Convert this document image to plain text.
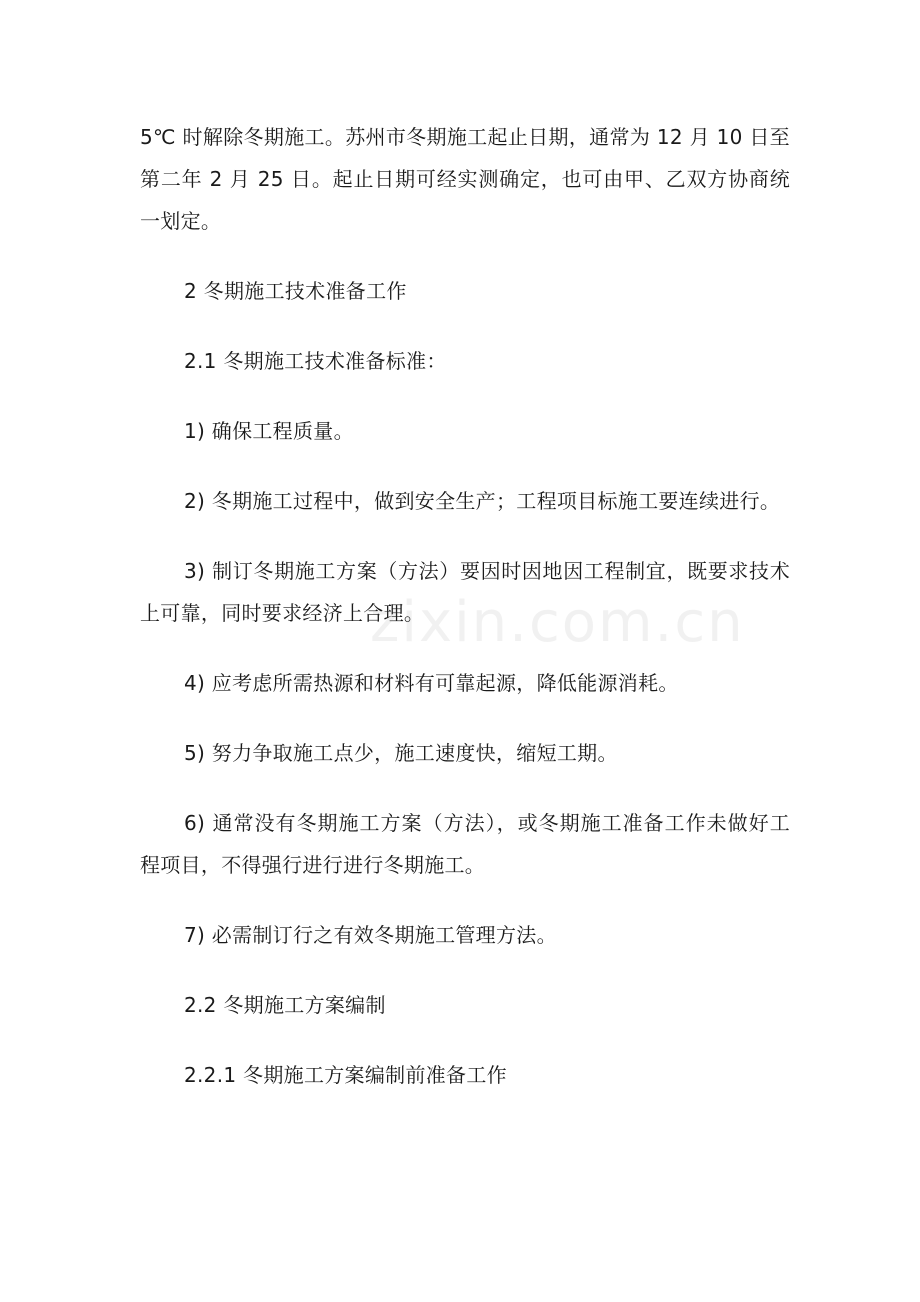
5℃ 时解除冬期施工。苏州市冬期施工起止日期，通常为 12 月 10 日至第二年 2 月 25 日。起止日期可经实测确定，也可由甲、乙双方协商统一划定。

2 冬期施工技术准备工作

2.1 冬期施工技术准备标准：

1) 确保工程质量。

2) 冬期施工过程中，做到安全生产；工程项目标施工要连续进行。

3) 制订冬期施工方案（方法）要因时因地因工程制宜，既要求技术上可靠，同时要求经济上合理。

4) 应考虑所需热源和材料有可靠起源，降低能源消耗。

5) 努力争取施工点少，施工速度快，缩短工期。

6) 通常没有冬期施工方案（方法），或冬期施工准备工作未做好工程项目，不得强行进行进行冬期施工。

7) 必需制订行之有效冬期施工管理方法。

2.2 冬期施工方案编制

2.2.1 冬期施工方案编制前准备工作

zixin.com.cn
